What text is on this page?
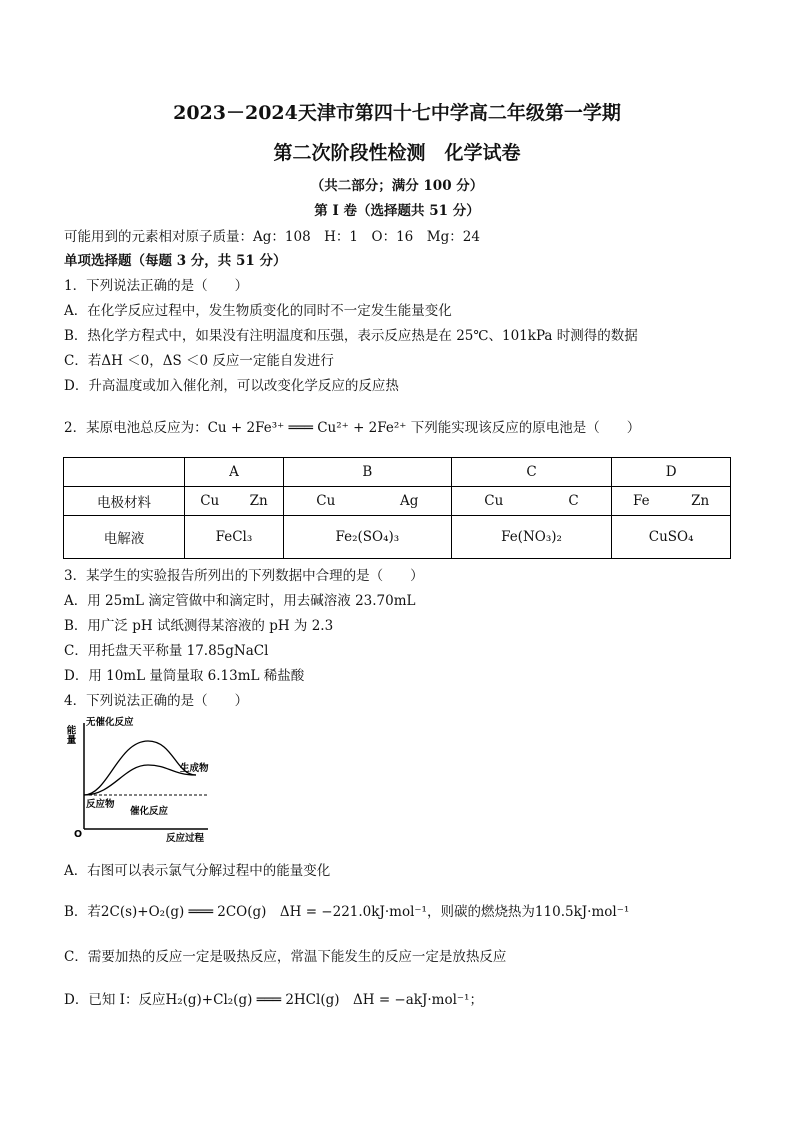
2023－2024天津市第四十七中学高二年级第一学期
第二次阶段性检测　化学试卷
（共二部分；满分 100 分）
第 I 卷（选择题共 51 分）
可能用到的元素相对原子质量：Ag：108　H：1　O：16　Mg：24
单项选择题（每题 3 分，共 51 分）
1．下列说法正确的是（　　）
A．在化学反应过程中，发生物质变化的同时不一定发生能量变化
B．热化学方程式中，如果没有注明温度和压强，表示反应热是在 25℃、101kPa 时测得的数据
C．若ΔH ＜0，ΔS ＜0 反应一定能自发进行
D．升高温度或加入催化剂，可以改变化学反应的反应热
2．某原电池总反应为：Cu + 2Fe³⁺ ═══ Cu²⁺ + 2Fe²⁺ 下列能实现该反应的原电池是（　　）
	A	B	C	D
电极材料	Cu Zn	Cu Ag	Cu C	Fe Zn

电解液	FeCl₃	Fe₂(SO₄)₃	Fe(NO₃)₂	CuSO₄
3．某学生的实验报告所列出的下列数据中合理的是（　　）
A．用 25mL 滴定管做中和滴定时，用去碱溶液 23.70mL
B．用广泛 pH 试纸测得某溶液的 pH 为 2.3
C．用托盘天平称量 17.85gNaCl
D．用 10mL 量筒量取 6.13mL 稀盐酸
4．下列说法正确的是（　　）
能量
无催化反应
生成物
反应物
催化反应
O	反应过程
A．右图可以表示氯气分解过程中的能量变化
B．若2C(s)+O₂(g) ═══ 2CO(g)　ΔH = −221.0kJ·mol⁻¹，则碳的燃烧热为110.5kJ·mol⁻¹
C．需要加热的反应一定是吸热反应，常温下能发生的反应一定是放热反应
D．已知 I：反应H₂(g)+Cl₂(g) ═══ 2HCl(g)　ΔH = −akJ·mol⁻¹；
